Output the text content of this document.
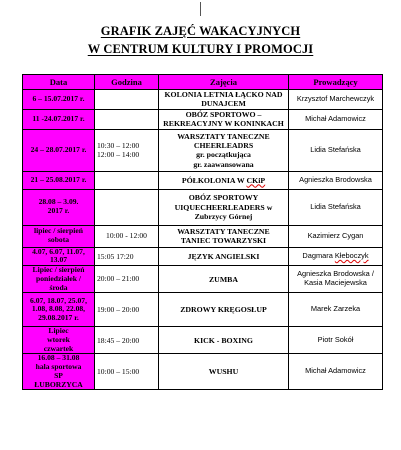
GRAFIK ZAJĘĆ WAKACYJNYCH
W CENTRUM KULTURY I PROMOCJI
Data	Godzina	Zajęcia	Prowadzący
6 – 15.07.2017 r.		KOLONIA LETNIA ŁĄCKO NAD
DUNAJCEM	Krzysztof Marchewczyk
11 -24.07.2017 r.		OBÓZ SPORTOWO –
REKREACYJNY W KONINKACH	Michał Adamowicz
24 – 28.07.2017 r.	10:30 – 12:00
12:00 – 14:00	WARSZTATY TANECZNE
CHEERLEADRS
gr. początkująca
gr. zaawansowana	Lidia Stefańska
21 – 25.08.2017 r.		PÓŁKOLONIA W CKiP	Agnieszka Brodowska
28.08 – 3.09.
2017 r.		OBÓZ SPORTOWY
UIQUECHEERLEADERS w
Zubrzycy Górnej	Lidia Stefańska
lipiec / sierpień
sobota	10:00 - 12:00	WARSZTATY TANECZNE
TANIEC TOWARZYSKI	Kazimierz Cygan
4.07, 6.07, 11.07,
13.07	15:05 17:20	JĘZYK ANGIELSKI	Dagmara Kłeboczyk
Lipiec / sierpień
poniedziałek /
środa	20:00 – 21:00	ZUMBA	Agnieszka Brodowska /
Kasia Maciejewska
6.07, 18.07, 25.07,
1.08, 8.08, 22.08,
29.08.2017 r.	19:00 – 20:00	ZDROWY KRĘGOSŁUP	Marek Zarzeka
Lipiec
wtorek
czwartek	18:45 – 20:00	KICK - BOXING	Piotr Sokół
16.08 – 31.08
hala sportowa
SP
ŁUBORZYCA	10:00 – 15:00	WUSHU	Michał Adamowicz
